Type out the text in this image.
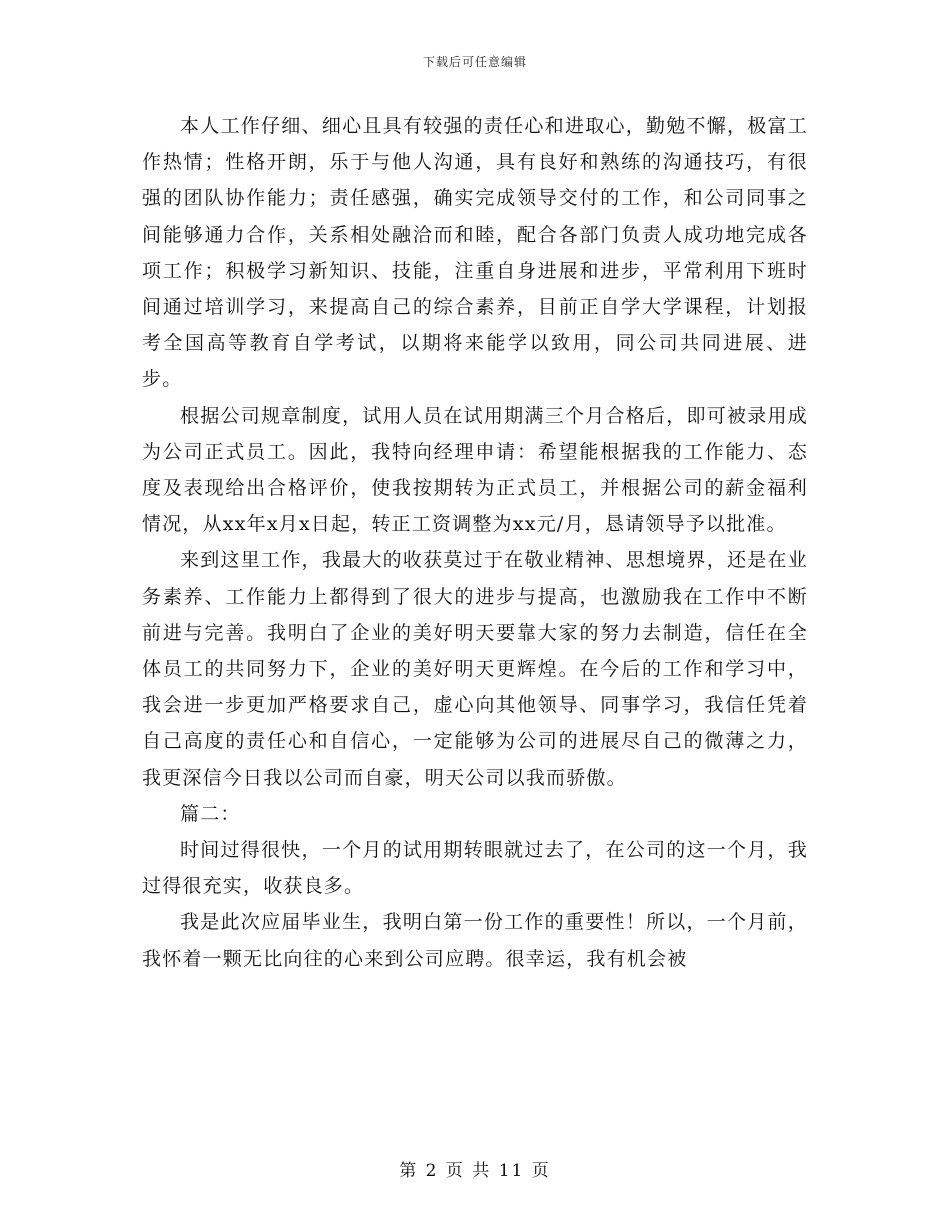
下载后可任意编辑

本人工作仔细、细心且具有较强的责任心和进取心，勤勉不懈，极富工作热情；性格开朗，乐于与他人沟通，具有良好和熟练的沟通技巧，有很强的团队协作能力；责任感强，确实完成领导交付的工作，和公司同事之间能够通力合作，关系相处融洽而和睦，配合各部门负责人成功地完成各项工作；积极学习新知识、技能，注重自身进展和进步，平常利用下班时间通过培训学习，来提高自己的综合素养，目前正自学大学课程，计划报考全国高等教育自学考试，以期将来能学以致用，同公司共同进展、进步。

根据公司规章制度，试用人员在试用期满三个月合格后，即可被录用成为公司正式员工。因此，我特向经理申请：希望能根据我的工作能力、态度及表现给出合格评价，使我按期转为正式员工，并根据公司的薪金福利情况，从xx年x月x日起，转正工资调整为xx元/月，恳请领导予以批准。

来到这里工作，我最大的收获莫过于在敬业精神、思想境界，还是在业务素养、工作能力上都得到了很大的进步与提高，也激励我在工作中不断前进与完善。我明白了企业的美好明天要靠大家的努力去制造，信任在全体员工的共同努力下，企业的美好明天更辉煌。在今后的工作和学习中，我会进一步更加严格要求自己，虚心向其他领导、同事学习，我信任凭着自己高度的责任心和自信心，一定能够为公司的进展尽自己的微薄之力，我更深信今日我以公司而自豪，明天公司以我而骄傲。

篇二：

时间过得很快，一个月的试用期转眼就过去了，在公司的这一个月，我过得很充实，收获良多。

我是此次应届毕业生，我明白第一份工作的重要性！所以，一个月前，我怀着一颗无比向往的心来到公司应聘。很幸运，我有机会被

第 2 页 共 11 页
